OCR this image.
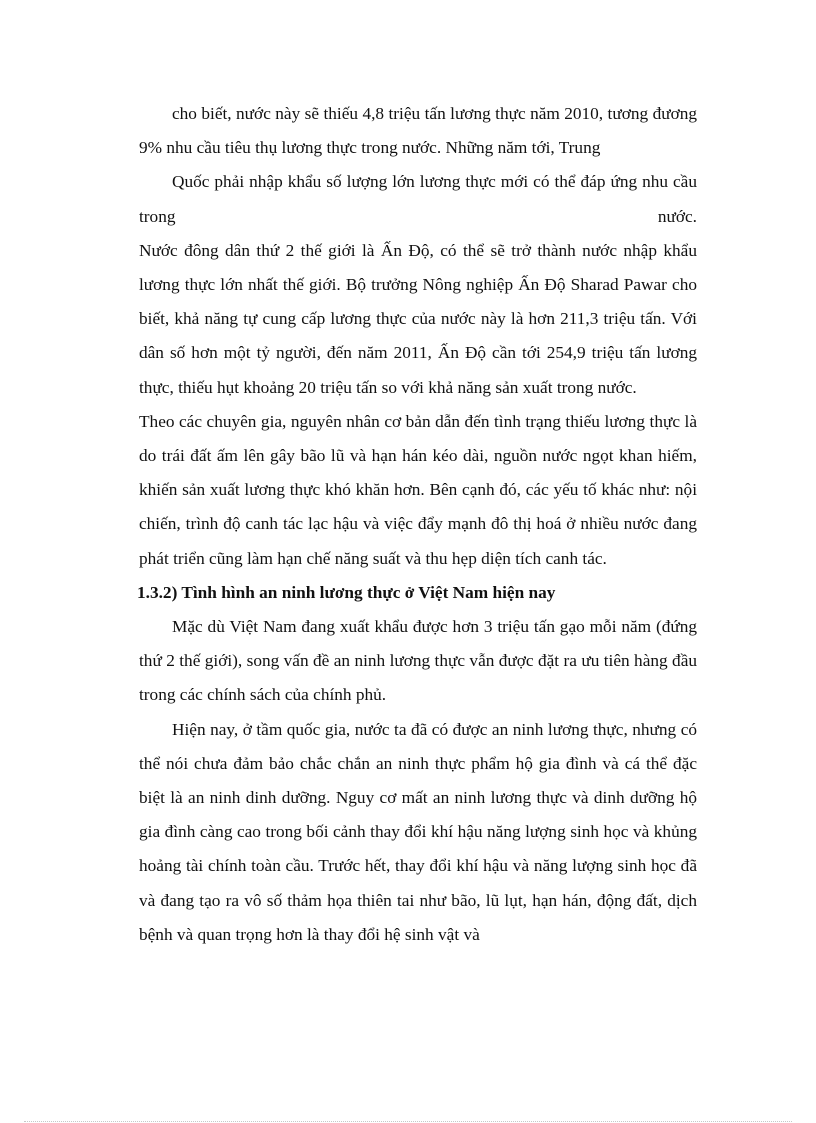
cho biết, nước này sẽ thiếu 4,8 triệu tấn lương thực năm 2010, tương đương 9% nhu cầu tiêu thụ lương thực trong nước. Những năm tới, Trung

Quốc phải nhập khẩu số lượng lớn lương thực mới có thể đáp ứng nhu cầu trong nước.

Nước đông dân thứ 2 thế giới là Ấn Độ, có thể sẽ trở thành nước nhập khẩu lương thực lớn nhất thế giới. Bộ trưởng Nông nghiệp Ấn Độ Sharad Pawar cho biết, khả năng tự cung cấp lương thực của nước này là hơn 211,3 triệu tấn. Với dân số hơn một tỷ người, đến năm 2011, Ấn Độ cần tới 254,9 triệu tấn lương thực, thiếu hụt khoảng 20 triệu tấn so với khả năng sản xuất trong nước.

Theo các chuyên gia, nguyên nhân cơ bản dẫn đến tình trạng thiếu lương thực là do trái đất ấm lên gây bão lũ và hạn hán kéo dài, nguồn nước ngọt khan hiếm, khiến sản xuất lương thực khó khăn hơn. Bên cạnh đó, các yếu tố khác như: nội chiến, trình độ canh tác lạc hậu và việc đẩy mạnh đô thị hoá ở nhiều nước đang phát triển cũng làm hạn chế năng suất và thu hẹp diện tích canh tác.

1.3.2) Tình hình an ninh lương thực ở Việt Nam hiện nay

Mặc dù Việt Nam đang xuất khẩu được hơn 3 triệu tấn gạo mỗi năm (đứng thứ 2 thế giới), song vấn đề an ninh lương thực vẫn được đặt ra ưu tiên hàng đầu trong các chính sách của chính phủ.

Hiện nay, ở tầm quốc gia, nước ta đã có được an ninh lương thực, nhưng có thể nói chưa đảm bảo chắc chắn an ninh thực phẩm hộ gia đình và cá thể đặc biệt là an ninh dinh dưỡng. Nguy cơ mất an ninh lương thực và dinh dưỡng hộ gia đình càng cao trong bối cảnh thay đổi khí hậu năng lượng sinh học và khủng hoảng tài chính toàn cầu. Trước hết, thay đổi khí hậu và năng lượng sinh học đã và đang tạo ra vô số thảm họa thiên tai như bão, lũ lụt, hạn hán, động đất, dịch bệnh và quan trọng hơn là thay đổi hệ sinh vật và
